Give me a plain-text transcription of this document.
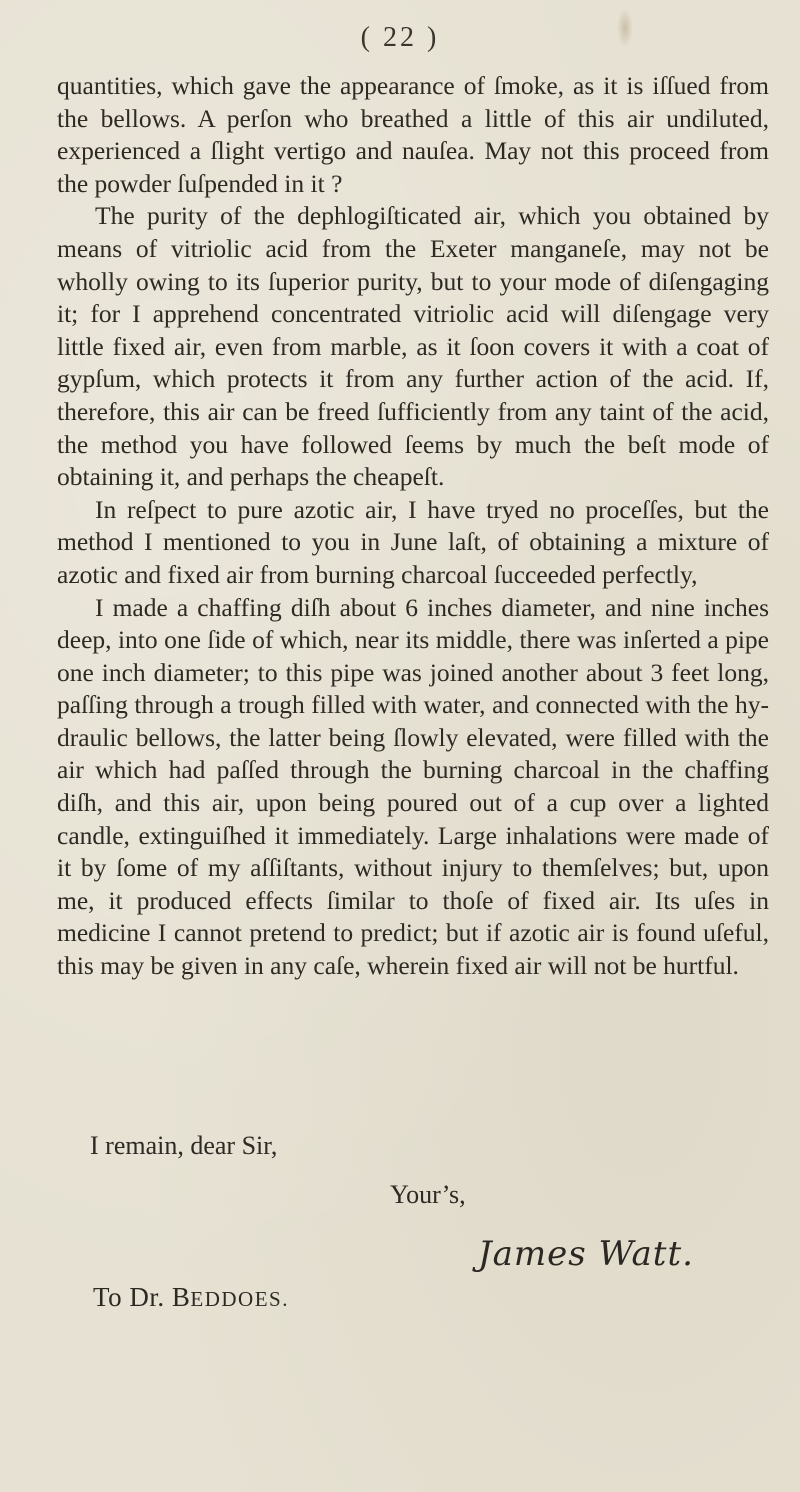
( 22 )

quantities, which gave the appearance of ſmoke, as it is iſſued from the bellows. A perſon who breathed a little of this air undiluted, experienced a ſlight vertigo and nauſea. May not this proceed from the powder ſuſpended in it ?

The purity of the dephlogiſticated air, which you obtained by means of vitriolic acid from the Exeter manganeſe, may not be wholly owing to its ſuperior purity, but to your mode of diſengaging it; for I apprehend concentrated vitriolic acid will diſengage very little fixed air, even from marble, as it ſoon covers it with a coat of gypſum, which protects it from any further action of the acid. If, therefore, this air can be freed ſufficiently from any taint of the acid, the method you have followed ſeems by much the beſt mode of obtaining it, and perhaps the cheapeſt.

In reſpect to pure azotic air, I have tryed no proceſſes, but the method I mentioned to you in June laſt, of obtaining a mixture of azotic and fixed air from burning charcoal ſucceeded perfectly,

I made a chaffing diſh about 6 inches diameter, and nine inches deep, into one ſide of which, near its middle, there was inſerted a pipe one inch diameter; to this pipe was joined another about 3 feet long, paſſing through a trough filled with water, and connected with the hydraulic bellows, the latter being ſlowly elevated, were filled with the air which had paſſed through the burning charcoal in the chaffing diſh, and this air, upon being poured out of a cup over a lighted candle, extinguiſhed it immediately. Large inhalations were made of it by ſome of my aſſiſtants, without injury to themſelves; but, upon me, it produced effects ſimilar to thoſe of fixed air. Its uſes in medicine I cannot pretend to predict; but if azotic air is found uſeful, this may be given in any caſe, wherein fixed air will not be hurtful.

I remain, dear Sir,
Your’s,
James Watt.
To Dr. BEDDOES.
